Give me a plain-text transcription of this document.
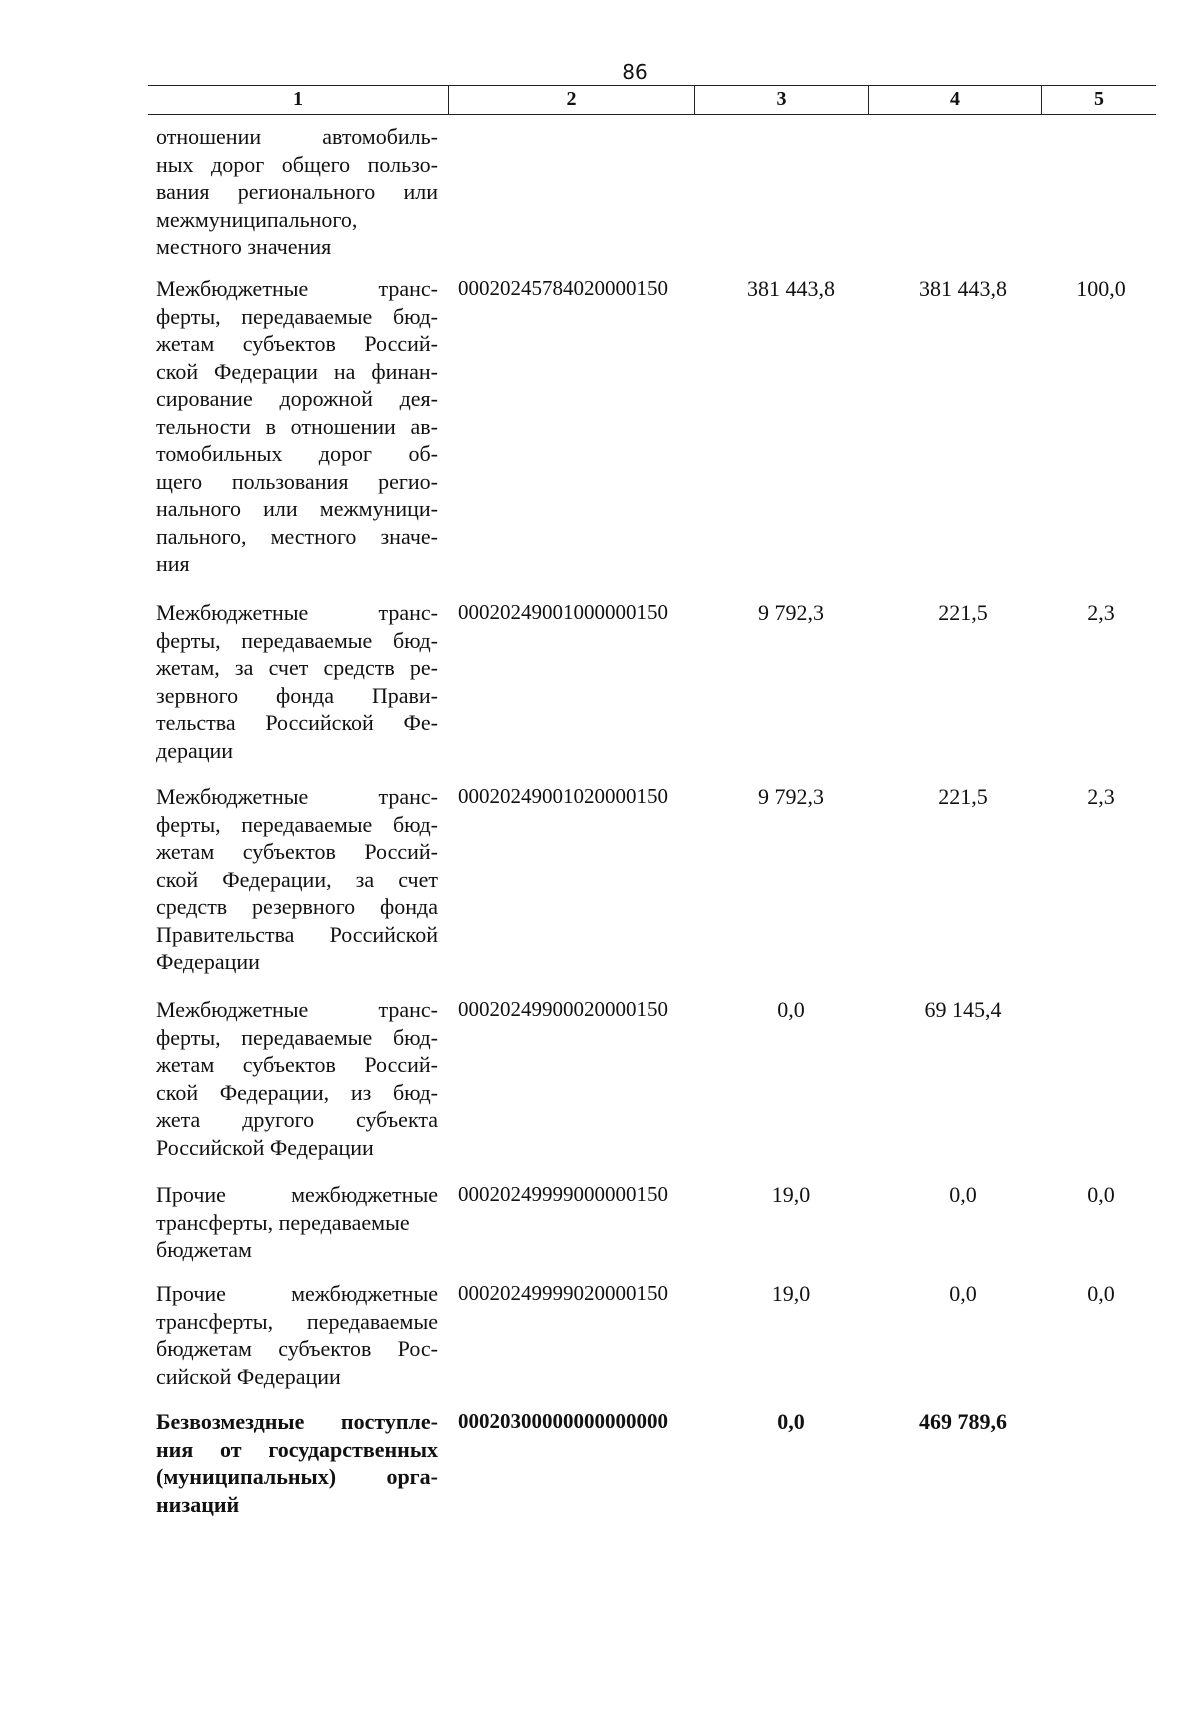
86
1	2	3	4	5
отношении автомобиль-
ных дорог общего пользо-
вания регионального или
межмуниципального,
местного значения
Межбюджетные транс-
ферты, передаваемые бюд-
жетам субъектов Россий-
ской Федерации на финан-
сирование дорожной дея-
тельности в отношении ав-
томобильных дорог об-
щего пользования регио-
нального или межмуници-
пального, местного значе-
ния
00020245784020000150	381 443,8	381 443,8	100,0
Межбюджетные транс-
ферты, передаваемые бюд-
жетам, за счет средств ре-
зервного фонда Прави-
тельства Российской Фе-
дерации
00020249001000000150	9 792,3	221,5	2,3
Межбюджетные транс-
ферты, передаваемые бюд-
жетам субъектов Россий-
ской Федерации, за счет
средств резервного фонда
Правительства Российской
Федерации
00020249001020000150	9 792,3	221,5	2,3
Межбюджетные транс-
ферты, передаваемые бюд-
жетам субъектов Россий-
ской Федерации, из бюд-
жета другого субъекта
Российской Федерации
00020249900020000150	0,0	69 145,4
Прочие межбюджетные
трансферты, передаваемые
бюджетам
00020249999000000150	19,0	0,0	0,0
Прочие межбюджетные
трансферты, передаваемые
бюджетам субъектов Рос-
сийской Федерации
00020249999020000150	19,0	0,0	0,0
Безвозмездные поступле-
ния от государственных
(муниципальных) орга-
низаций
00020300000000000000	0,0	469 789,6
